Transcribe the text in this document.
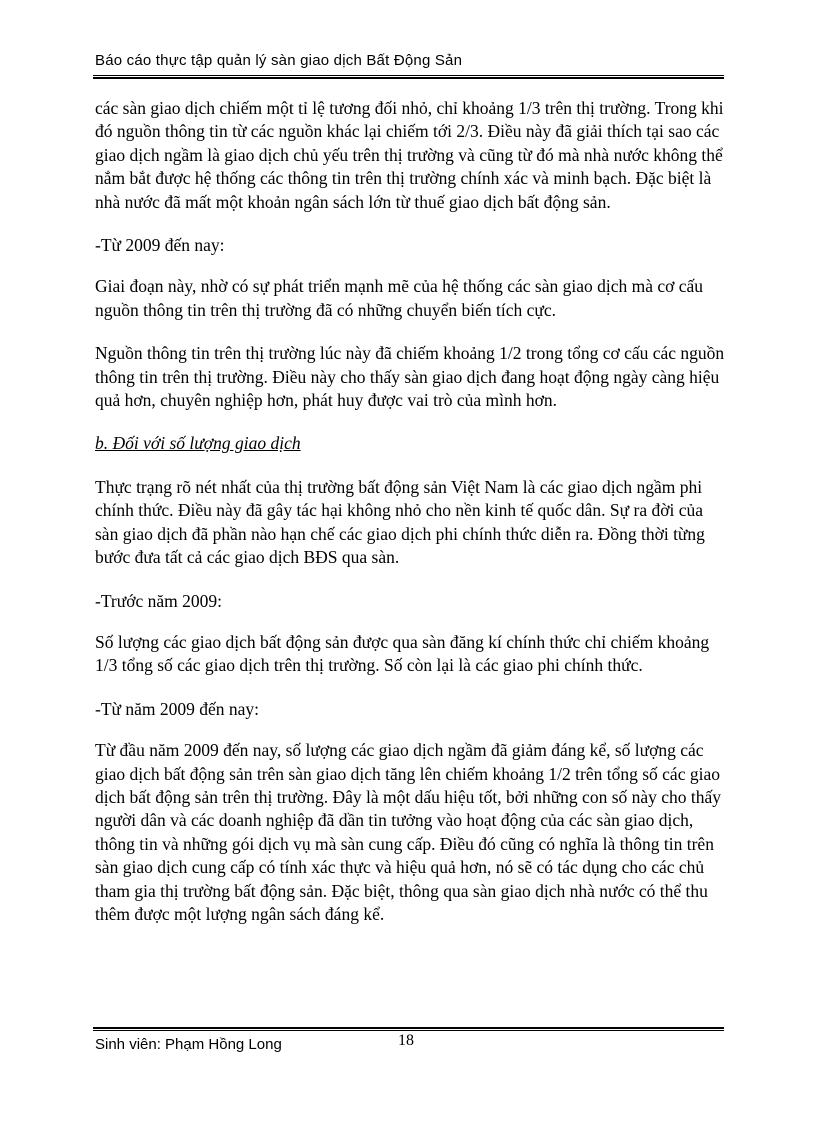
Báo cáo thực tập quản lý sàn giao dịch Bất Động Sản

các sàn giao dịch chiếm một tỉ lệ tương đối nhỏ, chỉ khoảng 1/3 trên thị trường. Trong khi đó nguồn thông tin từ các nguồn khác lại chiếm tới 2/3. Điều này đã giải thích tại sao các giao dịch ngầm là giao dịch chủ yếu trên thị trường và cũng từ đó mà nhà nước không thể nắm bắt được hệ thống các thông tin trên thị trường chính xác và minh bạch. Đặc biệt là nhà nước đã mất một khoản ngân sách lớn từ thuế giao dịch bất động sản.

-Từ 2009 đến nay:

Giai đoạn này, nhờ có sự phát triển mạnh mẽ của hệ thống các sàn giao dịch mà cơ cấu nguồn thông tin trên thị trường đã có những chuyển biến tích cực.

Nguồn thông tin trên thị trường lúc này đã chiếm khoảng 1/2 trong tổng cơ cấu các nguồn thông tin trên thị trường. Điều này cho thấy sàn giao dịch đang hoạt động ngày càng hiệu quả hơn, chuyên nghiệp hơn, phát huy được vai trò của mình hơn.

b. Đối với số lượng giao dịch

Thực trạng rõ nét nhất của thị trường bất động sản Việt Nam là các giao dịch ngầm phi chính thức. Điều này đã gây tác hại không nhỏ cho nền kinh tế quốc dân. Sự ra đời của sàn giao dịch đã phần nào hạn chế các giao dịch phi chính thức diễn ra. Đồng thời từng bước đưa tất cả các giao dịch BĐS qua sàn.

-Trước năm 2009:

Số lượng các giao dịch bất động sản được qua sàn đăng kí chính thức chỉ chiếm khoảng 1/3 tổng số các giao dịch trên thị trường. Số còn lại là các giao phi chính thức.

-Từ năm 2009 đến nay:

Từ đầu năm 2009 đến nay, số lượng các giao dịch ngầm đã giảm đáng kể, số lượng các giao dịch bất động sản trên sàn giao dịch tăng lên chiếm khoảng 1/2 trên tổng số các giao dịch bất động sản trên thị trường. Đây là một dấu hiệu tốt, bởi những con số này cho thấy người dân và các doanh nghiệp đã dần tin tưởng vào hoạt động của các sàn giao dịch, thông tin và những gói dịch vụ mà sàn cung cấp. Điều đó cũng có nghĩa là thông tin trên sàn giao dịch cung cấp có tính xác thực và hiệu quả hơn, nó sẽ có tác dụng cho các chủ tham gia thị trường bất động sản. Đặc biệt, thông qua sàn giao dịch nhà nước có thể thu thêm được một lượng ngân sách đáng kể.

Sinh viên: Phạm Hồng Long	18
